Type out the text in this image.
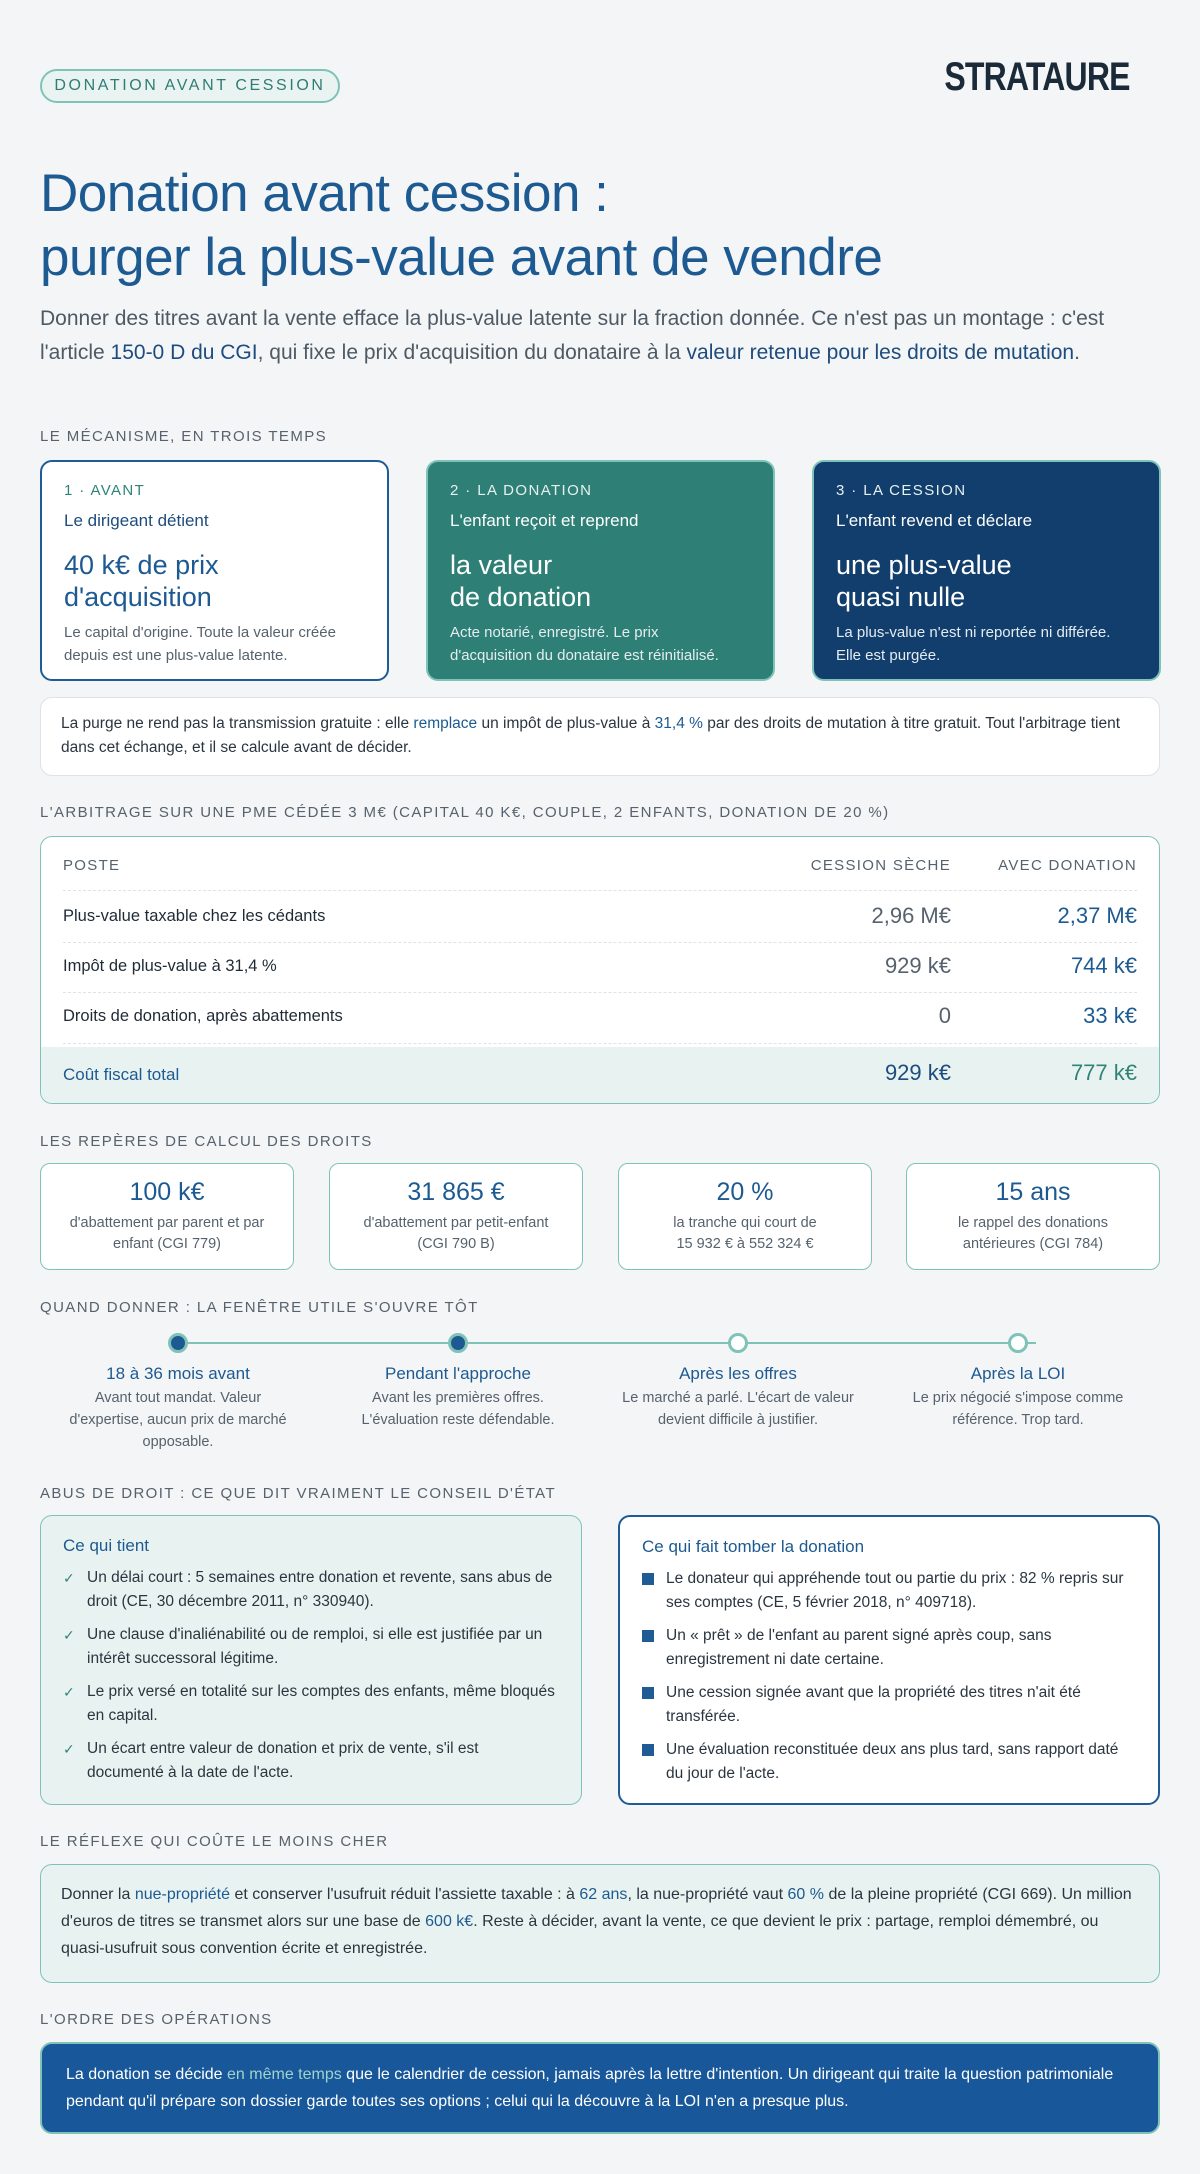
DONATION AVANT CESSION	STRATAURE
Donation avant cession :
purger la plus-value avant de vendre

Donner des titres avant la vente efface la plus-value latente sur la fraction donnée. Ce n'est pas un montage : c'est l'article 150-0 D du CGI, qui fixe le prix d'acquisition du donataire à la valeur retenue pour les droits de mutation.

LE MÉCANISME, EN TROIS TEMPS
1 · AVANT
Le dirigeant détient
40 k€ de prix
d'acquisition
Le capital d'origine. Toute la valeur créée
depuis est une plus-value latente.
2 · LA DONATION
L'enfant reçoit et reprend
la valeur
de donation
Acte notarié, enregistré. Le prix
d'acquisition du donataire est réinitialisé.
3 · LA CESSION
L'enfant revend et déclare
une plus-value
quasi nulle
La plus-value n'est ni reportée ni différée.
Elle est purgée.
La purge ne rend pas la transmission gratuite : elle remplace un impôt de plus-value à 31,4 % par des droits de mutation à titre gratuit. Tout l'arbitrage tient dans cet échange, et il se calcule avant de décider.
L'ARBITRAGE SUR UNE PME CÉDÉE 3 M€ (CAPITAL 40 K€, COUPLE, 2 ENFANTS, DONATION DE 20 %)
POSTE	CESSION SÈCHE	AVEC DONATION
Plus-value taxable chez les cédants	2,96 M€	2,37 M€
Impôt de plus-value à 31,4 %	929 k€	744 k€
Droits de donation, après abattements	0	33 k€
Coût fiscal total	929 k€	777 k€
LES REPÈRES DE CALCUL DES DROITS
100 k€
d'abattement par parent et par
enfant (CGI 779)
31 865 €
d'abattement par petit-enfant
(CGI 790 B)
20 %
la tranche qui court de
15 932 € à 552 324 €
15 ans
le rappel des donations
antérieures (CGI 784)
QUAND DONNER : LA FENÊTRE UTILE S'OUVRE TÔT
18 à 36 mois avant
Avant tout mandat. Valeur
d'expertise, aucun prix de marché
opposable.
Pendant l'approche
Avant les premières offres.
L'évaluation reste défendable.
Après les offres
Le marché a parlé. L'écart de valeur
devient difficile à justifier.
Après la LOI
Le prix négocié s'impose comme
référence. Trop tard.
ABUS DE DROIT : CE QUE DIT VRAIMENT LE CONSEIL D'ÉTAT
Ce qui tient
✓ Un délai court : 5 semaines entre donation et revente, sans abus de droit (CE, 30 décembre 2011, n° 330940).
✓ Une clause d'inaliénabilité ou de remploi, si elle est justifiée par un intérêt successoral légitime.
✓ Le prix versé en totalité sur les comptes des enfants, même bloqués en capital.
✓ Un écart entre valeur de donation et prix de vente, s'il est documenté à la date de l'acte.
Ce qui fait tomber la donation
Le donateur qui appréhende tout ou partie du prix : 82 % repris sur ses comptes (CE, 5 février 2018, n° 409718).
Un « prêt » de l'enfant au parent signé après coup, sans enregistrement ni date certaine.
Une cession signée avant que la propriété des titres n'ait été transférée.
Une évaluation reconstituée deux ans plus tard, sans rapport daté du jour de l'acte.
LE RÉFLEXE QUI COÛTE LE MOINS CHER
Donner la nue-propriété et conserver l'usufruit réduit l'assiette taxable : à 62 ans, la nue-propriété vaut 60 % de la pleine propriété (CGI 669). Un million d'euros de titres se transmet alors sur une base de 600 k€. Reste à décider, avant la vente, ce que devient le prix : partage, remploi démembré, ou quasi-usufruit sous convention écrite et enregistrée.
L'ORDRE DES OPÉRATIONS
La donation se décide en même temps que le calendrier de cession, jamais après la lettre d'intention. Un dirigeant qui traite la question patrimoniale pendant qu'il prépare son dossier garde toutes ses options ; celui qui la découvre à la LOI n'en a presque plus.
